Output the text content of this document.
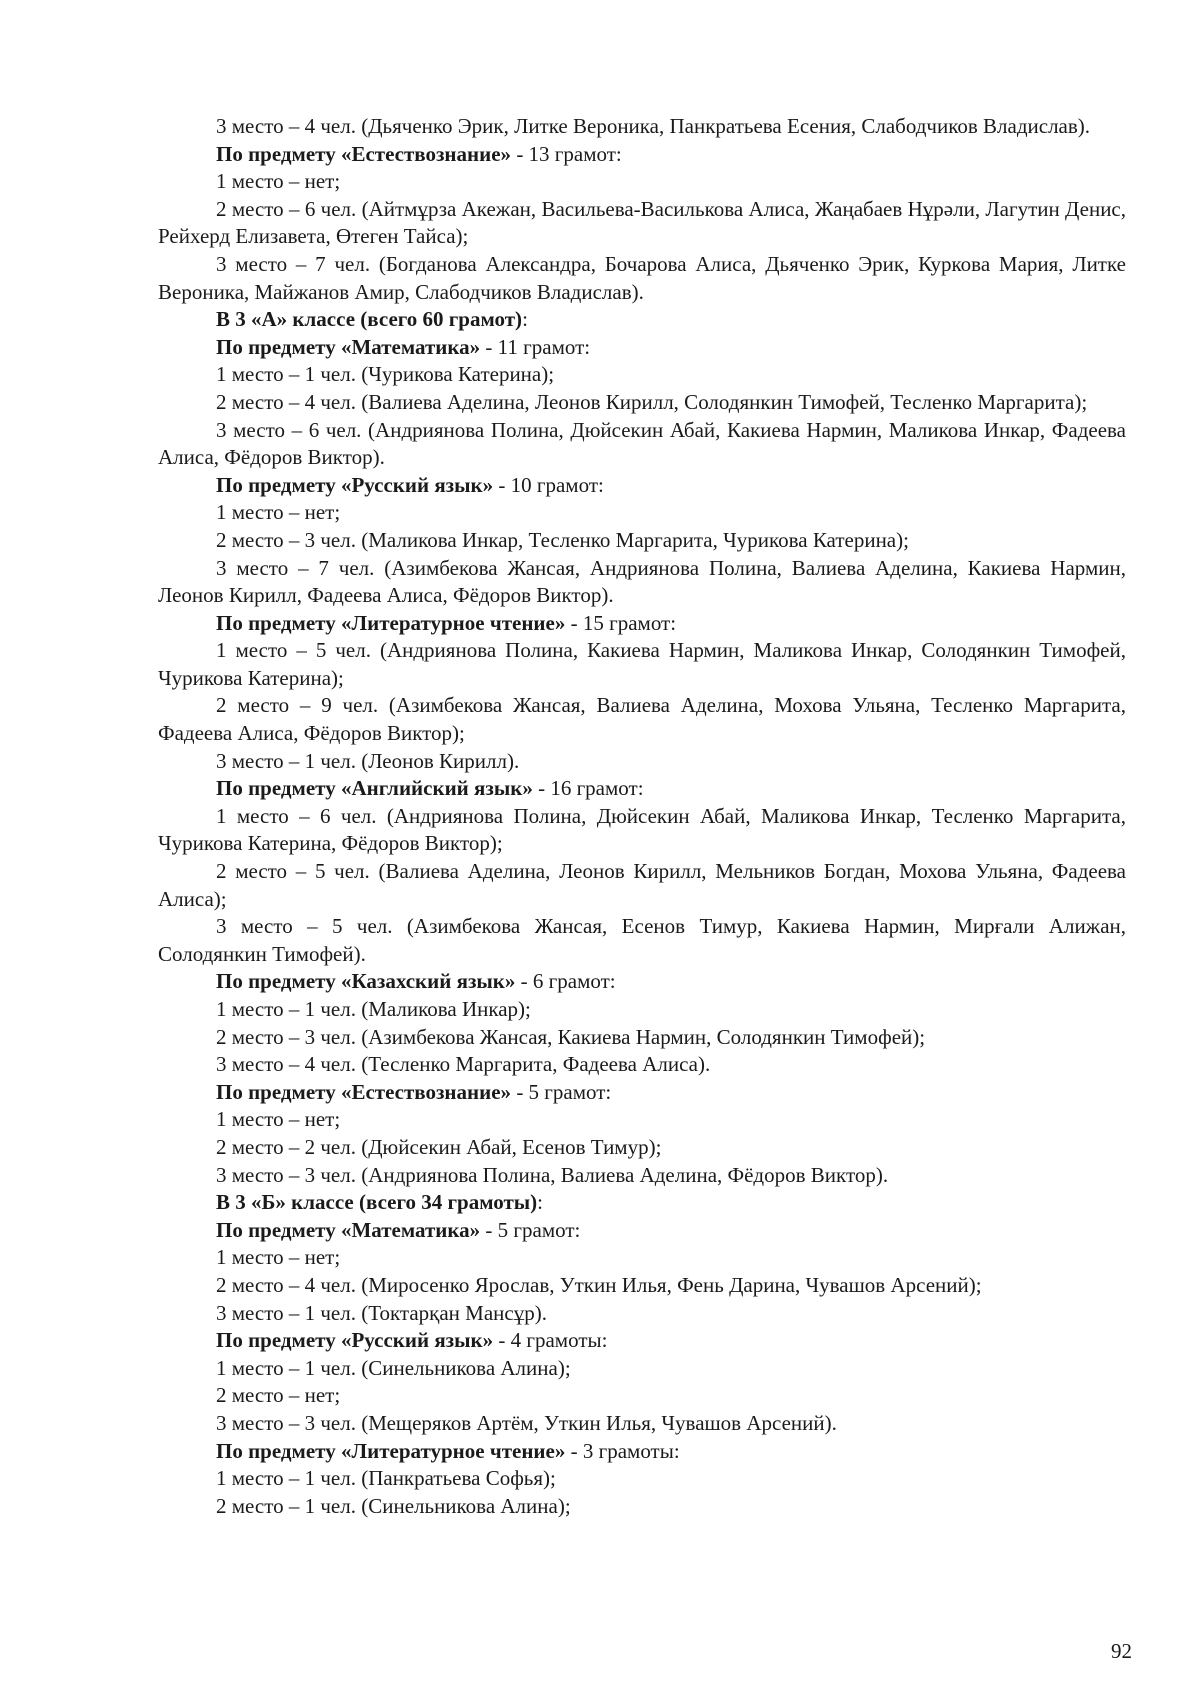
3 место – 4 чел. (Дьяченко Эрик, Литке Вероника, Панкратьева Есения, Слабодчиков Владислав).

По предмету «Естествознание» - 13 грамот:

1 место – нет;

2 место – 6 чел. (Айтмұрза Акежан, Васильева-Василькова Алиса, Жаңабаев Нұрәли, Лагутин Денис, Рейхерд Елизавета, Өтеген Тайса);

3 место – 7 чел. (Богданова Александра, Бочарова Алиса, Дьяченко Эрик, Куркова Мария, Литке Вероника, Майжанов Амир, Слабодчиков Владислав).

В 3 «А» классе (всего 60 грамот):

По предмету «Математика» - 11 грамот:

1 место – 1 чел. (Чурикова Катерина);

2 место – 4 чел. (Валиева Аделина, Леонов Кирилл, Солодянкин Тимофей, Тесленко Маргарита);

3 место – 6 чел. (Андриянова Полина, Дюйсекин Абай, Какиева Нармин, Маликова Инкар, Фадеева Алиса, Фёдоров Виктор).

По предмету «Русский язык» - 10 грамот:

1 место – нет;

2 место – 3 чел. (Маликова Инкар, Тесленко Маргарита, Чурикова Катерина);

3 место – 7 чел. (Азимбекова Жансая, Андриянова Полина, Валиева Аделина, Какиева Нармин, Леонов Кирилл, Фадеева Алиса, Фёдоров Виктор).

По предмету «Литературное чтение» - 15 грамот:

1 место – 5 чел. (Андриянова Полина, Какиева Нармин, Маликова Инкар, Солодянкин Тимофей, Чурикова Катерина);

2 место – 9 чел. (Азимбекова Жансая, Валиева Аделина, Мохова Ульяна, Тесленко Маргарита, Фадеева Алиса, Фёдоров Виктор);

3 место – 1 чел. (Леонов Кирилл).

По предмету «Английский язык» - 16 грамот:

1 место – 6 чел. (Андриянова Полина, Дюйсекин Абай, Маликова Инкар, Тесленко Маргарита, Чурикова Катерина, Фёдоров Виктор);

2 место – 5 чел. (Валиева Аделина, Леонов Кирилл, Мельников Богдан, Мохова Ульяна, Фадеева Алиса);

3 место – 5 чел. (Азимбекова Жансая, Есенов Тимур, Какиева Нармин, Мирғали Алижан, Солодянкин Тимофей).

По предмету «Казахский язык» - 6 грамот:

1 место – 1 чел. (Маликова Инкар);

2 место – 3 чел. (Азимбекова Жансая, Какиева Нармин, Солодянкин Тимофей);

3 место – 4 чел. (Тесленко Маргарита, Фадеева Алиса).

По предмету «Естествознание» - 5 грамот:

1 место – нет;

2 место – 2 чел. (Дюйсекин Абай, Есенов Тимур);

3 место – 3 чел. (Андриянова Полина, Валиева Аделина, Фёдоров Виктор).

В 3 «Б» классе (всего 34 грамоты):

По предмету «Математика» - 5 грамот:

1 место – нет;

2 место – 4 чел. (Миросенко Ярослав, Уткин Илья, Фень Дарина, Чувашов Арсений);

3 место – 1 чел. (Токтарқан Мансұр).

По предмету «Русский язык» - 4 грамоты:

1 место – 1 чел. (Синельникова Алина);

2 место – нет;

3 место – 3 чел. (Мещеряков Артём, Уткин Илья, Чувашов Арсений).

По предмету «Литературное чтение» - 3 грамоты:

1 место – 1 чел. (Панкратьева Софья);

2 место – 1 чел. (Синельникова Алина);

92
